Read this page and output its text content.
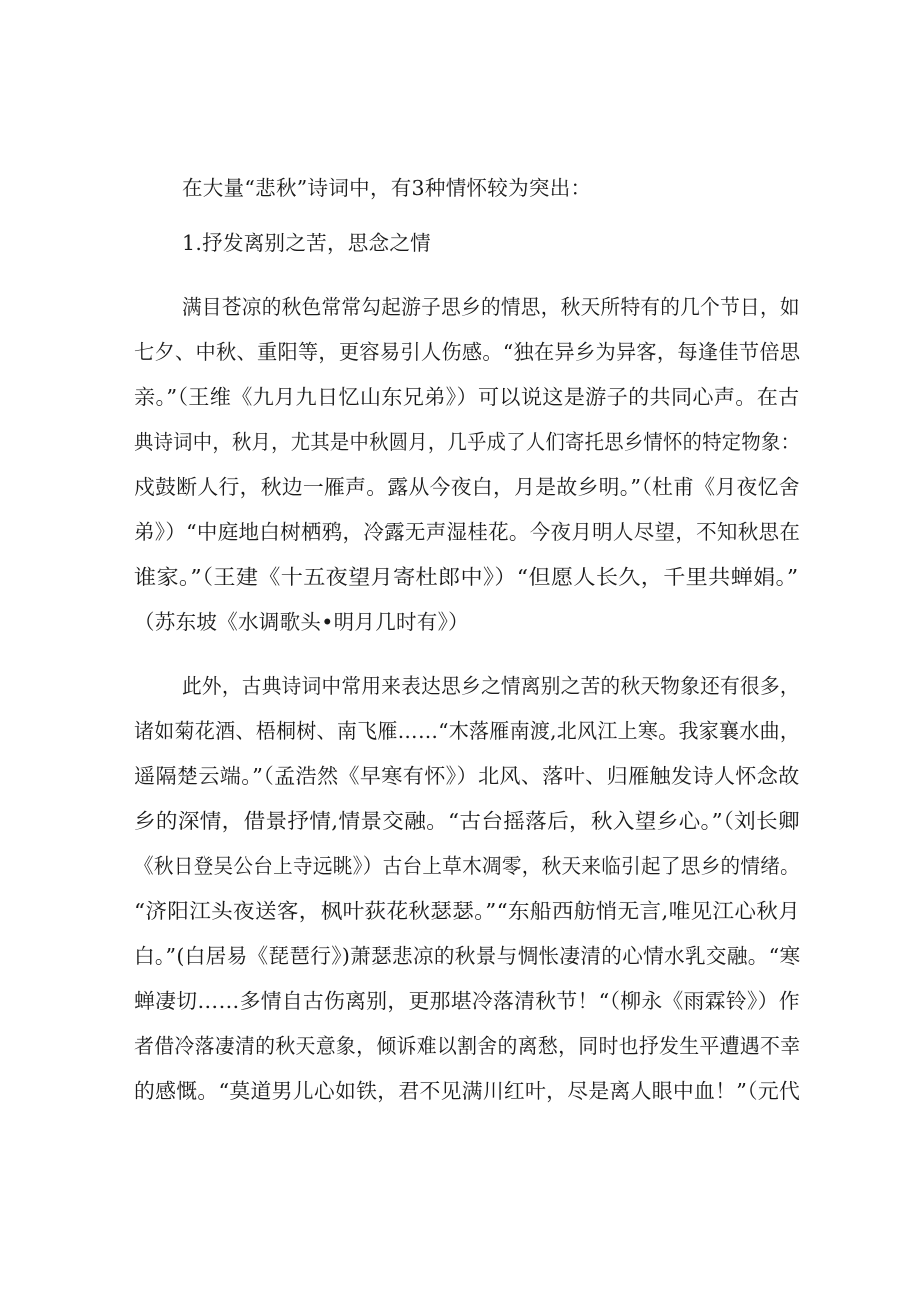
在大量“悲秋”诗词中，有3种情怀较为突出：
1.抒发离别之苦，思念之情
满目苍凉的秋色常常勾起游子思乡的情思，秋天所特有的几个节日，如
七夕、中秋、重阳等，更容易引人伤感。“独在异乡为异客，每逢佳节倍思
亲。”（王维《九月九日忆山东兄弟》）可以说这是游子的共同心声。在古
典诗词中，秋月，尤其是中秋圆月，几乎成了人们寄托思乡情怀的特定物象：
戍鼓断人行，秋边一雁声。露从今夜白，月是故乡明。”（杜甫《月夜忆舍
弟》）“中庭地白树栖鸦，冷露无声湿桂花。今夜月明人尽望，不知秋思在
谁家。”（王建《十五夜望月寄杜郎中》）“但愿人长久，千里共蝉娟。”
（苏东坡《水调歌头•明月几时有》）
此外，古典诗词中常用来表达思乡之情离别之苦的秋天物象还有很多，
诸如菊花酒、梧桐树、南飞雁……“木落雁南渡,北风江上寒。我家襄水曲，
遥隔楚云端。”（孟浩然《早寒有怀》）北风、落叶、归雁触发诗人怀念故
乡的深情，借景抒情,情景交融。“古台摇落后，秋入望乡心。”（刘长卿
《秋日登吴公台上寺远眺》）古台上草木凋零，秋天来临引起了思乡的情绪。
“济阳江头夜送客，枫叶荻花秋瑟瑟。”“东船西舫悄无言,唯见江心秋月
白。”(白居易《琵琶行》)萧瑟悲凉的秋景与惆怅凄清的心情水乳交融。“寒
蝉凄切……多情自古伤离别，更那堪冷落清秋节！“（柳永《雨霖铃》）作
者借冷落凄清的秋天意象，倾诉难以割舍的离愁，同时也抒发生平遭遇不幸
的感慨。“莫道男儿心如铁，君不见满川红叶，尽是离人眼中血！”（元代
